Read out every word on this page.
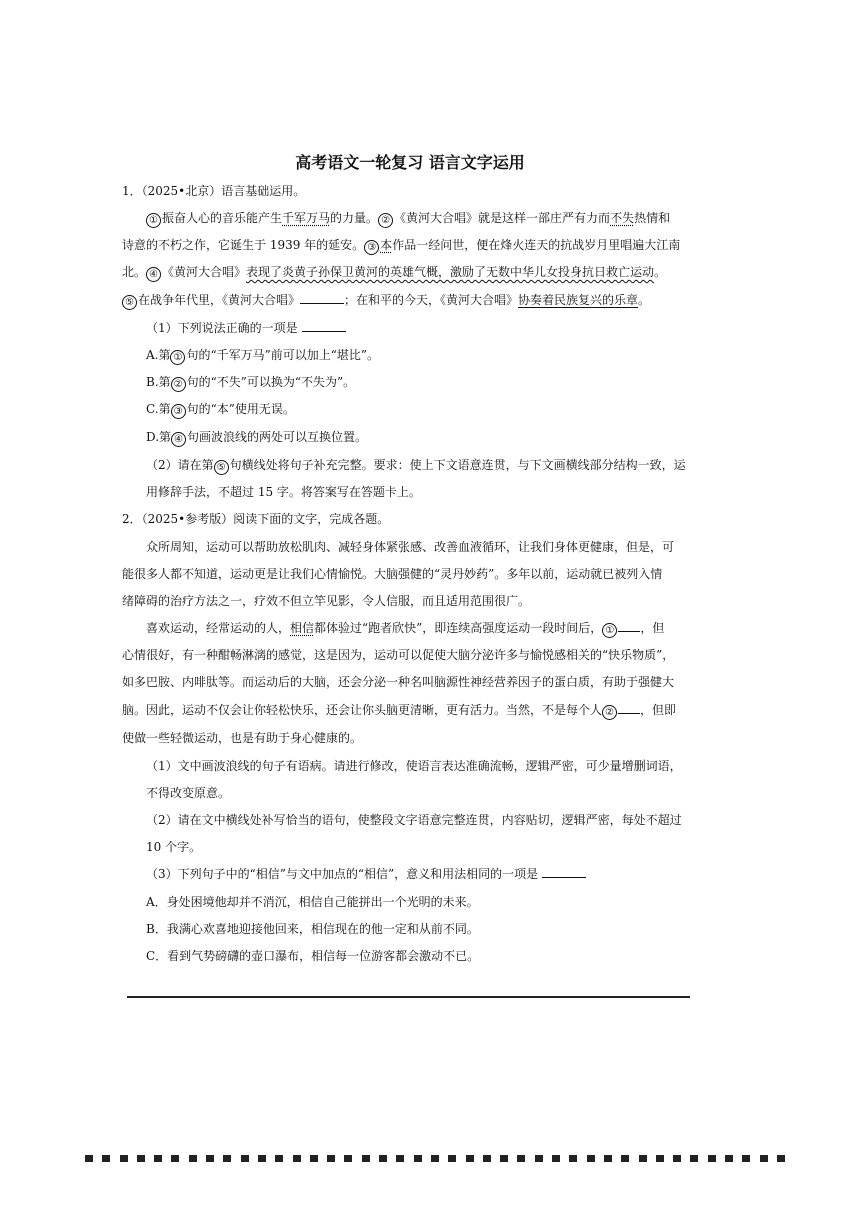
高考语文一轮复习 语言文字运用
1．（2025•北京）语言基础运用。
① 振奋人心的音乐能产生千军万马的力量。 ② 《黄河大合唱》就是这样一部庄严有力而不失热情和
诗意的不朽之作，它诞生于 1939 年的延安。 ③ 本作品一经问世，便在烽火连天的抗战岁月里唱遍大江南
北。 ④ 《黄河大合唱》表现了炎黄子孙保卫黄河的英雄气概，激励了无数中华儿女投身抗日救亡运动。
⑤ 在战争年代里，《黄河大合唱》	；在和平的今天，《黄河大合唱》协奏着民族复兴的乐章。
（1）下列说法正确的一项是
A.第 ① 句的“千军万马”前可以加上“堪比”。
B.第 ② 句的“不失”可以换为“不失为”。
C.第 ③ 句的“本”使用无误。
D.第 ④ 句画波浪线的两处可以互换位置。
（2）请在第 ⑤ 句横线处将句子补充完整。要求：使上下文语意连贯，与下文画横线部分结构一致，运
用修辞手法，不超过 15 字。将答案写在答题卡上。
2．（2025•参考版）阅读下面的文字，完成各题。
众所周知，运动可以帮助放松肌肉、减轻身体紧张感、改善血液循环，让我们身体更健康，但是，可
能很多人都不知道，运动更是让我们心情愉悦。大脑强健的“灵丹妙药”。多年以前，运动就已被列入情
绪障碍的治疗方法之一，疗效不但立竿见影，令人信服，而且适用范围很广。
喜欢运动，经常运动的人，相信都体验过“跑者欣快”，即连续高强度运动一段时间后， ① ，但
心情很好，有一种酣畅淋漓的感觉，这是因为，运动可以促使大脑分泌许多与愉悦感相关的“快乐物质”，
如多巴胺、内啡肽等。而运动后的大脑，还会分泌一种名叫脑源性神经营养因子的蛋白质，有助于强健大
脑。因此，运动不仅会让你轻松快乐，还会让你头脑更清晰，更有活力。当然，不是每个人 ② ，但即
使做一些轻微运动，也是有助于身心健康的。
（1）文中画波浪线的句子有语病。请进行修改，使语言表达准确流畅，逻辑严密，可少量增删词语，
不得改变原意。
（2）请在文中横线处补写恰当的语句，使整段文字语意完整连贯，内容贴切，逻辑严密，每处不超过
10 个字。
（3）下列句子中的“相信”与文中加点的“相信”，意义和用法相同的一项是
A．身处困境他却并不消沉，相信自己能拼出一个光明的未来。
B．我满心欢喜地迎接他回来，相信现在的他一定和从前不同。
C．看到气势磅礴的壶口瀑布，相信每一位游客都会激动不已。
